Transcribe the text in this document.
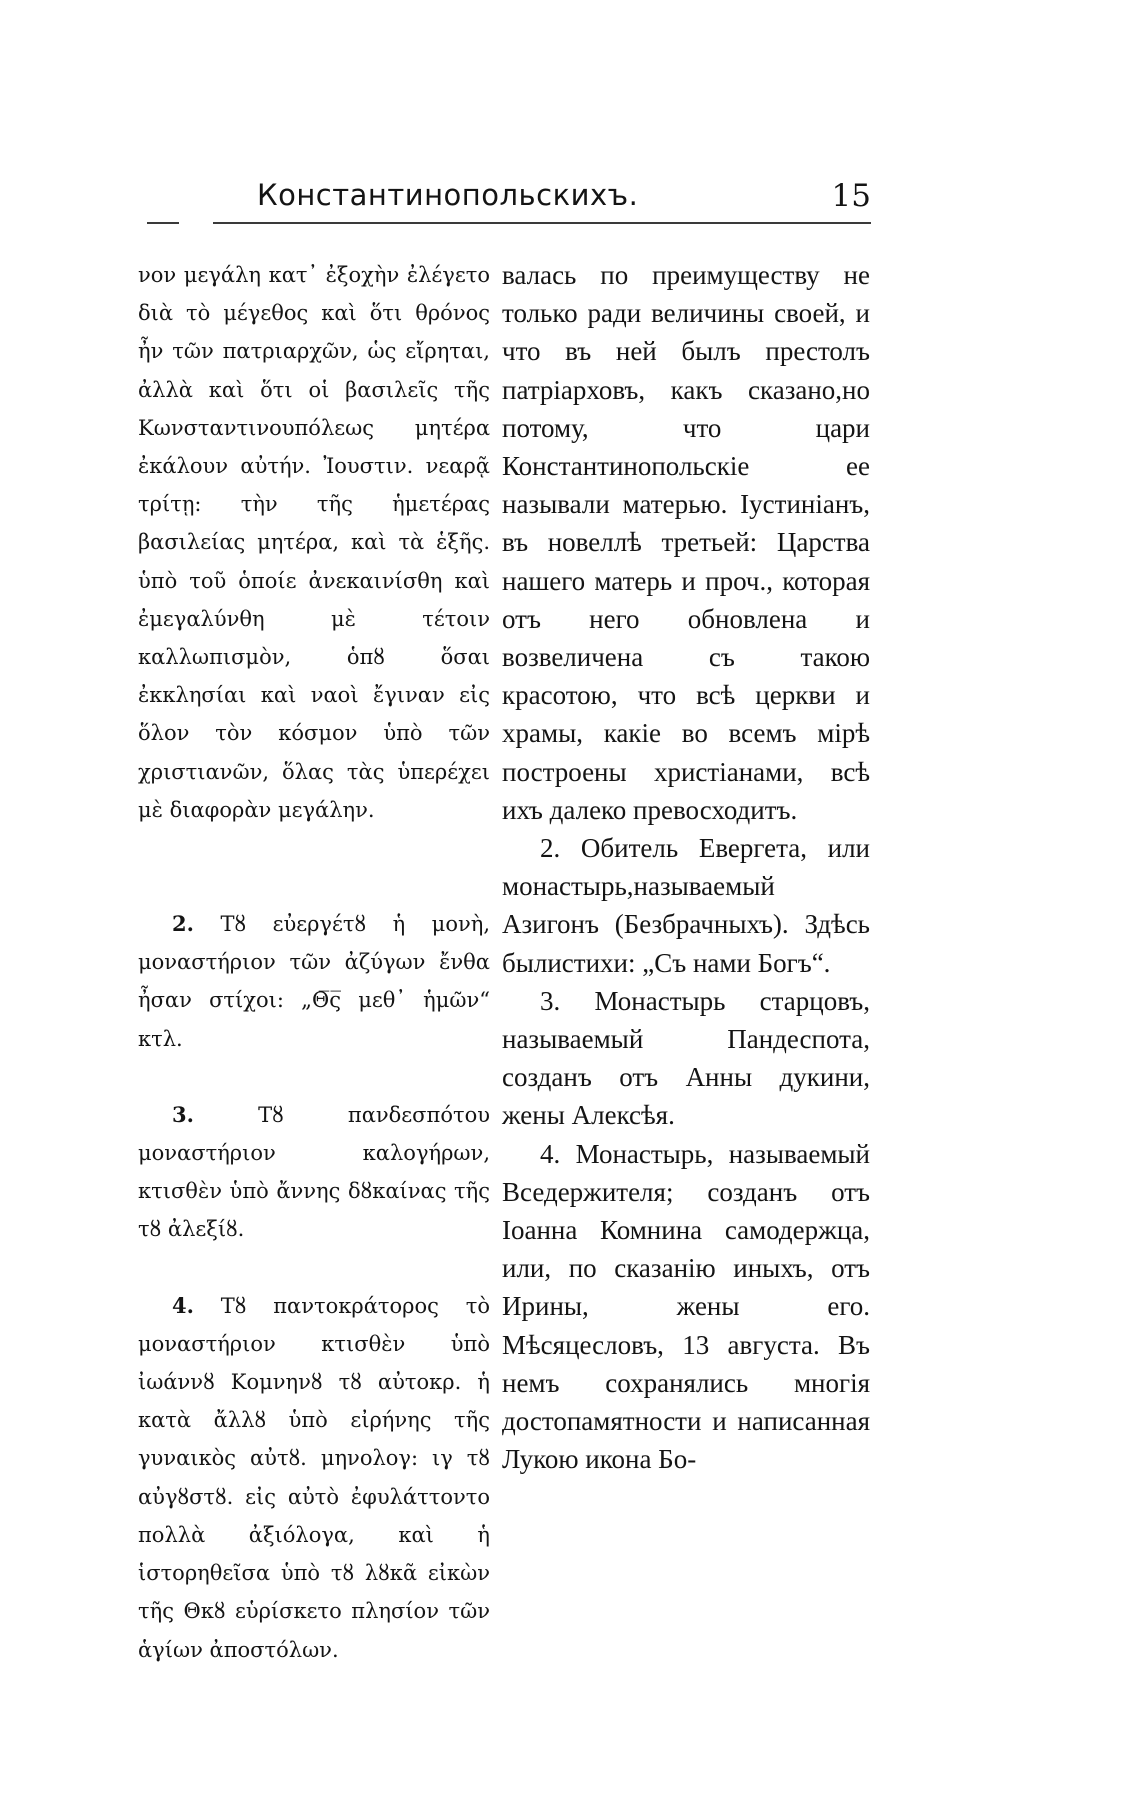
Константинопольскихъ.	15

νον μεγάλη κατ᾽ ἐξοχὴν ἐλέγετο διὰ τὸ μέγεθος καὶ ὅτι θρόνος ἦν τῶν πατριαρχῶν, ὡς εἴρηται, ἀλλὰ καὶ ὅτι οἱ βασιλεῖς τῆς Κωνσταντινουπόλεως μητέρα ἐκάλουν αὐτήν. Ἰουστιν. νεαρᾷ τρίτῃ: τὴν τῆς ἡμετέρας βασιλείας μητέρα, καὶ τὰ ἑξῆς. ὑπὸ τοῦ ὁποίε ἀνεκαινίσθη καὶ ἐμεγαλύνθη μὲ τέτοιν καλλωπισμὸν, ὁπȣ ὅσαι ἐκκλησίαι καὶ ναοὶ ἔγιναν εἰς ὅλον τὸν κόσμον ὑπὸ τῶν χριστιανῶν, ὅλας τὰς ὑπερέχει μὲ διαφορὰν μεγάλην.

2. Τȣ εὐεργέτȣ ἡ μονὴ, μοναστήριον τῶν ἀζύγων ἔνθα ἦσαν στίχοι: „Θ̅ς̅ μεθ᾽ ἡμῶν“ κτλ.

3.	Τȣ πανδεσπότου μοναστήριον καλογήρων, κτισθὲν ὑπὸ ἄννης δȣκαίνας τῆς τȣ ἀλεξίȣ.

4. Τȣ παντοκράτορος τὸ μοναστήριον κτισθὲν ὑπὸ ἰωάννȣ Κομνηνȣ τȣ αὐτοκρ. ἡ κατὰ ἄλλȣ ὑπὸ εἰρήνης τῆς γυναικὸς αὐτȣ. μηνολογ: ιγ τȣ αὐγȣστȣ. εἰς αὐτὸ ἐφυλάττοντο πολλὰ ἀξιόλογα, καὶ ἡ ἱστορηθεῖσα ὑπὸ τȣ λȣκᾶ εἰκὼν τῆς Θκȣ εὑρίσκετο πλησίον τῶν ἁγίων ἀποστόλων.

валась по преимуществу не только ради величины своей, и что въ ней былъ престолъ патріарховъ, какъ сказано,но потому, что цари Константинопольскіе ее называли матерью. Іустиніанъ, въ новеллѣ третьей: Царства нашего матерь и проч., которая отъ него обновлена и возвеличена съ такою красотою, что всѣ церкви и храмы, какіе во всемъ мірѣ построены христіанами, всѣ ихъ далеко превосходитъ.

2. Обитель Евергета, или монастырь,называемый Азигонъ (Безбрачныхъ). Здѣсь былистихи: „Съ нами Богъ“.

3. Монастырь старцовъ, называемый Пандеспота, созданъ отъ Анны дукини, жены Алексѣя.

4. Монастырь, называемый Вседержителя; созданъ отъ Іоанна Комнина самодержца, или, по сказанію иныхъ, отъ Ирины, жены его. Мѣсяцесловъ, 13 августа. Въ немъ сохранялись многія достопамятности и написанная Лукою икона Бо-
